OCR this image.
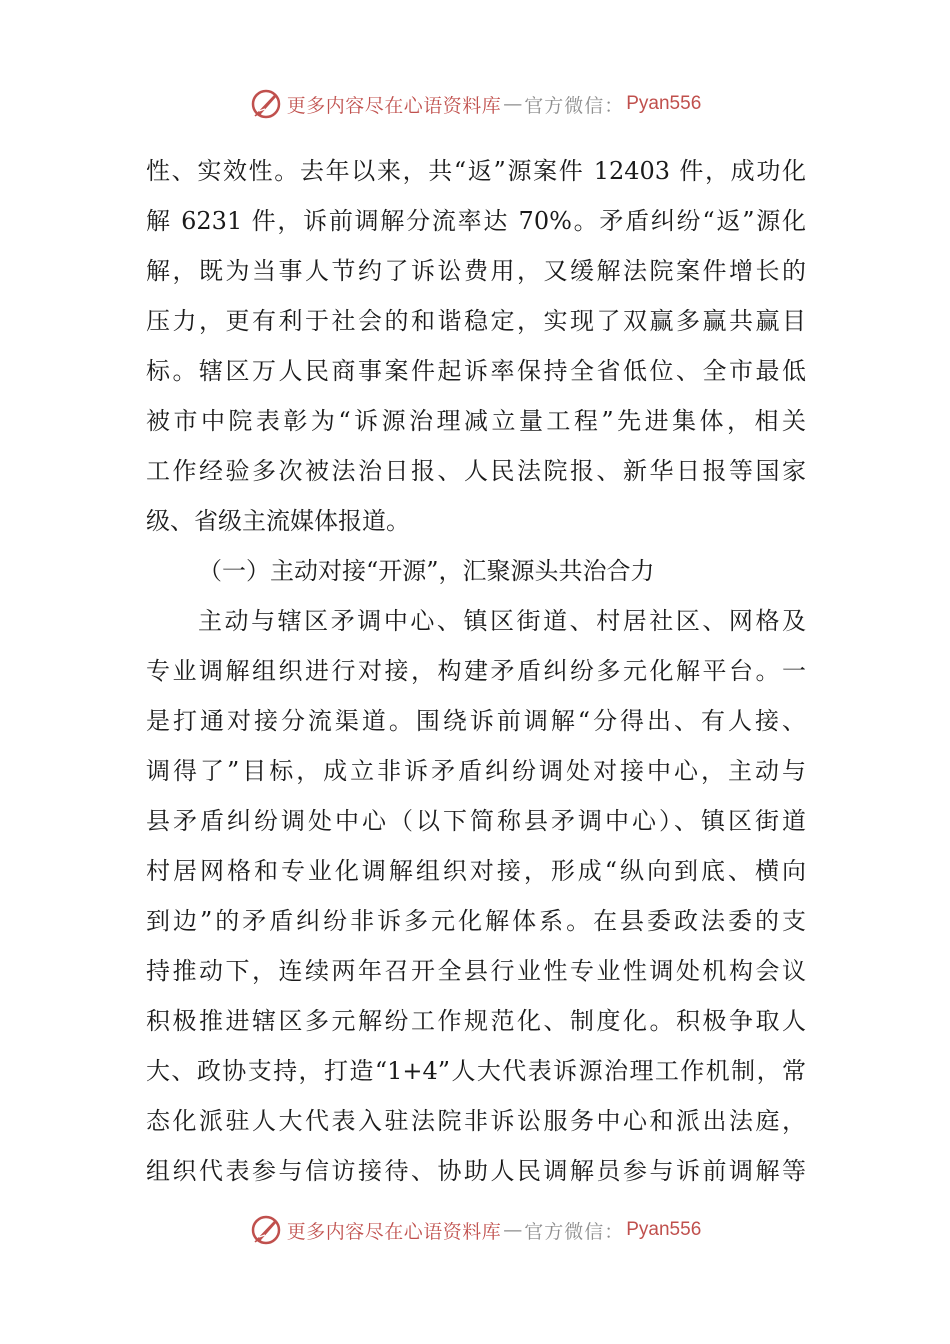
更多内容尽在心语资料库 — 官方微信： Pyan556
性、实效性。去年以来，共“返”源案件 12403 件，成功化
解 6231 件，诉前调解分流率达 70%。矛盾纠纷“返”源化
解，既为当事人节约了诉讼费用，又缓解法院案件增长的
压力，更有利于社会的和谐稳定，实现了双赢多赢共赢目
标。辖区万人民商事案件起诉率保持全省低位、全市最低
被市中院表彰为“诉源治理减立量工程”先进集体，相关
工作经验多次被法治日报、人民法院报、新华日报等国家
级、省级主流媒体报道。
（一）主动对接“开源”，汇聚源头共治合力
主动与辖区矛调中心、镇区街道、村居社区、网格及
专业调解组织进行对接，构建矛盾纠纷多元化解平台。一
是打通对接分流渠道。围绕诉前调解“分得出、有人接、
调得了”目标，成立非诉矛盾纠纷调处对接中心，主动与
县矛盾纠纷调处中心（以下简称县矛调中心）、镇区街道
村居网格和专业化调解组织对接，形成“纵向到底、横向
到边”的矛盾纠纷非诉多元化解体系。在县委政法委的支
持推动下，连续两年召开全县行业性专业性调处机构会议
积极推进辖区多元解纷工作规范化、制度化。积极争取人
大、政协支持，打造“1+4”人大代表诉源治理工作机制，常
态化派驻人大代表入驻法院非诉讼服务中心和派出法庭，
组织代表参与信访接待、协助人民调解员参与诉前调解等
更多内容尽在心语资料库 — 官方微信： Pyan556
